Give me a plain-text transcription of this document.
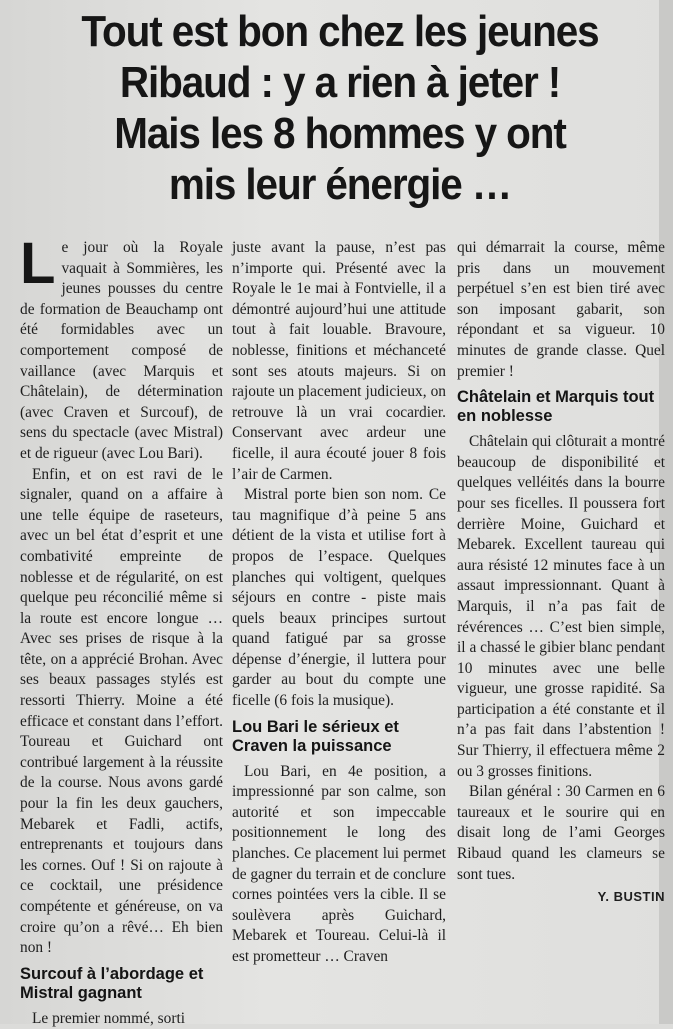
Tout est bon chez les jeunes
Ribaud : y a rien à jeter !
Mais les 8 hommes y ont
mis leur énergie …

Le jour où la Royale vaquait à Sommières, les jeunes pousses du centre de formation de Beauchamp ont été formidables avec un comportement composé de vaillance (avec Marquis et Châtelain), de détermination (avec Craven et Surcouf), de sens du spectacle (avec Mistral) et de rigueur (avec Lou Bari).

Enfin, et on est ravi de le signaler, quand on a affaire à une telle équipe de raseteurs, avec un bel état d’esprit et une combativité empreinte de noblesse et de régularité, on est quelque peu réconcilié même si la route est encore longue … Avec ses prises de risque à la tête, on a apprécié Brohan. Avec ses beaux passages stylés est ressorti Thierry. Moine a été efficace et constant dans l’effort. Toureau et Guichard ont contribué largement à la réussite de la course. Nous avons gardé pour la fin les deux gauchers, Mebarek et Fadli, actifs, entreprenants et toujours dans les cornes. Ouf ! Si on rajoute à ce cocktail, une présidence compétente et généreuse, on va croire qu’on a rêvé… Eh bien non !

Surcouf à l’abordage et Mistral gagnant

Le premier nommé, sorti

juste avant la pause, n’est pas n’importe qui. Présenté avec la Royale le 1e mai à Fontvielle, il a démontré aujourd’hui une attitude tout à fait louable. Bravoure, noblesse, finitions et méchanceté sont ses atouts majeurs. Si on rajoute un placement judicieux, on retrouve là un vrai cocardier. Conservant avec ardeur une ficelle, il aura écouté jouer 8 fois l’air de Carmen.

Mistral porte bien son nom. Ce tau magnifique d’à peine 5 ans détient de la vista et utilise fort à propos de l’espace. Quelques planches qui voltigent, quelques séjours en contre - piste mais quels beaux principes surtout quand fatigué par sa grosse dépense d’énergie, il luttera pour garder au bout du compte une ficelle (6 fois la musique).

Lou Bari le sérieux et Craven la puissance

Lou Bari, en 4e position, a impressionné par son calme, son autorité et son impeccable positionnement le long des planches. Ce placement lui permet de gagner du terrain et de conclure cornes pointées vers la cible. Il se soulèvera après Guichard, Mebarek et Toureau. Celui-là il est prometteur … Craven

qui démarrait la course, même pris dans un mouvement perpétuel s’en est bien tiré avec son imposant gabarit, son répondant et sa vigueur. 10 minutes de grande classe. Quel premier !

Châtelain et Marquis tout en noblesse

Châtelain qui clôturait a montré beaucoup de disponibilité et quelques velléités dans la bourre pour ses ficelles. Il poussera fort derrière Moine, Guichard et Mebarek. Excellent taureau qui aura résisté 12 minutes face à un assaut impressionnant. Quant à Marquis, il n’a pas fait de révérences … C’est bien simple, il a chassé le gibier blanc pendant 10 minutes avec une belle vigueur, une grosse rapidité. Sa participation a été constante et il n’a pas fait dans l’abstention ! Sur Thierry, il effectuera même 2 ou 3 grosses finitions.

Bilan général : 30 Carmen en 6 taureaux et le sourire qui en disait long de l’ami Georges Ribaud quand les clameurs se sont tues.

Y. BUSTIN
